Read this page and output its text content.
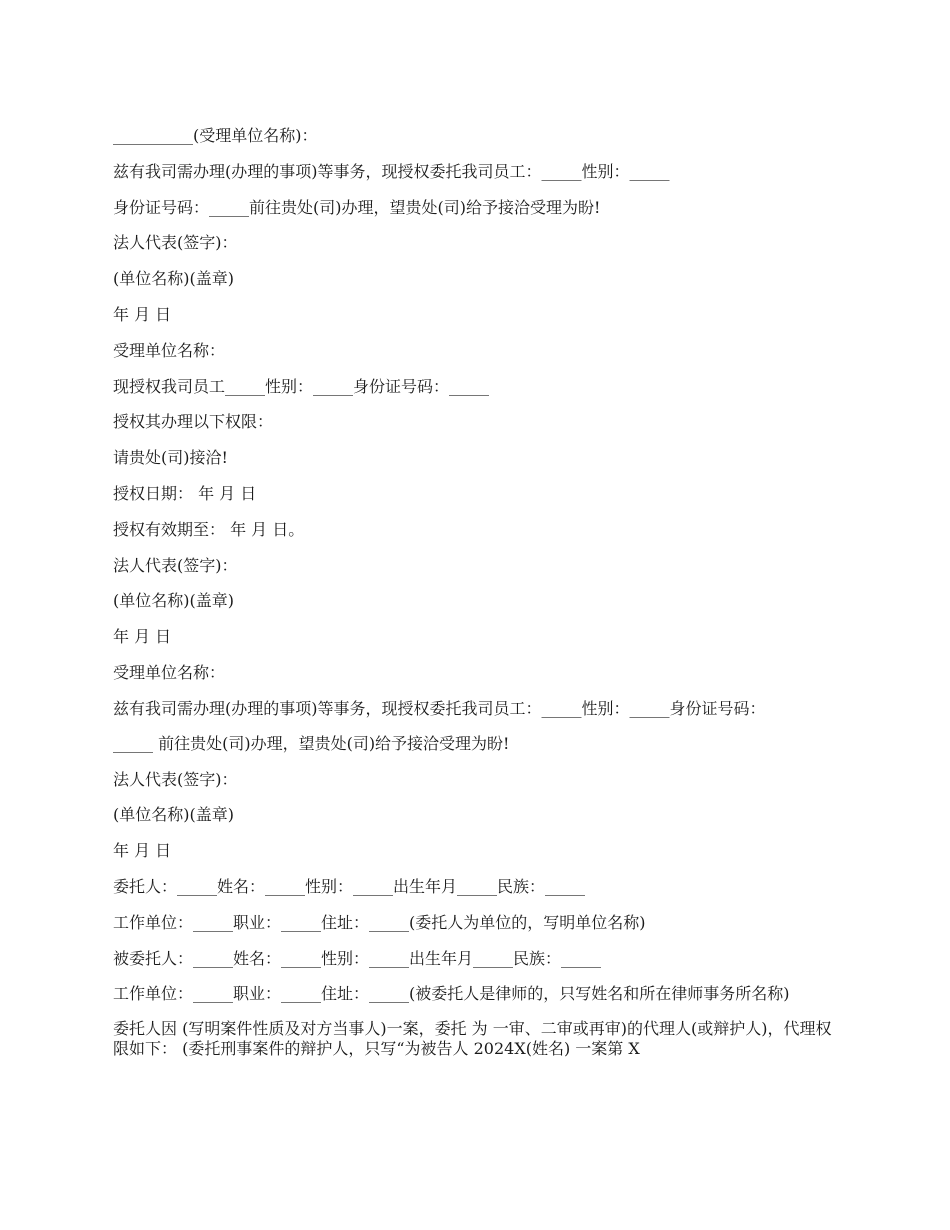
__________(受理单位名称)：

兹有我司需办理(办理的事项)等事务，现授权委托我司员工：_____性别：_____

身份证号码：_____前往贵处(司)办理，望贵处(司)给予接洽受理为盼!

法人代表(签字)：

(单位名称)(盖章)

年 月 日

受理单位名称：

现授权我司员工_____性别：_____身份证号码：_____

授权其办理以下权限：

请贵处(司)接洽!

授权日期： 年 月 日

授权有效期至： 年 月 日。

法人代表(签字)：

(单位名称)(盖章)

年 月 日

受理单位名称：

兹有我司需办理(办理的事项)等事务，现授权委托我司员工：_____性别：_____身份证号码：

_____ 前往贵处(司)办理，望贵处(司)给予接洽受理为盼!

法人代表(签字)：

(单位名称)(盖章)

年 月 日

委托人：_____姓名：_____性别：_____出生年月_____民族：_____

工作单位：_____职业：_____住址：_____(委托人为单位的，写明单位名称)

被委托人：_____姓名：_____性别：_____出生年月_____民族：_____

工作单位：_____职业：_____住址：_____(被委托人是律师的，只写姓名和所在律师事务所名称)

委托人因 (写明案件性质及对方当事人)一案，委托 为 一审、二审或再审)的代理人(或辩护人)，代理权限如下： (委托刑事案件的辩护人，只写“为被告人 2024X(姓名) 一案第 X
